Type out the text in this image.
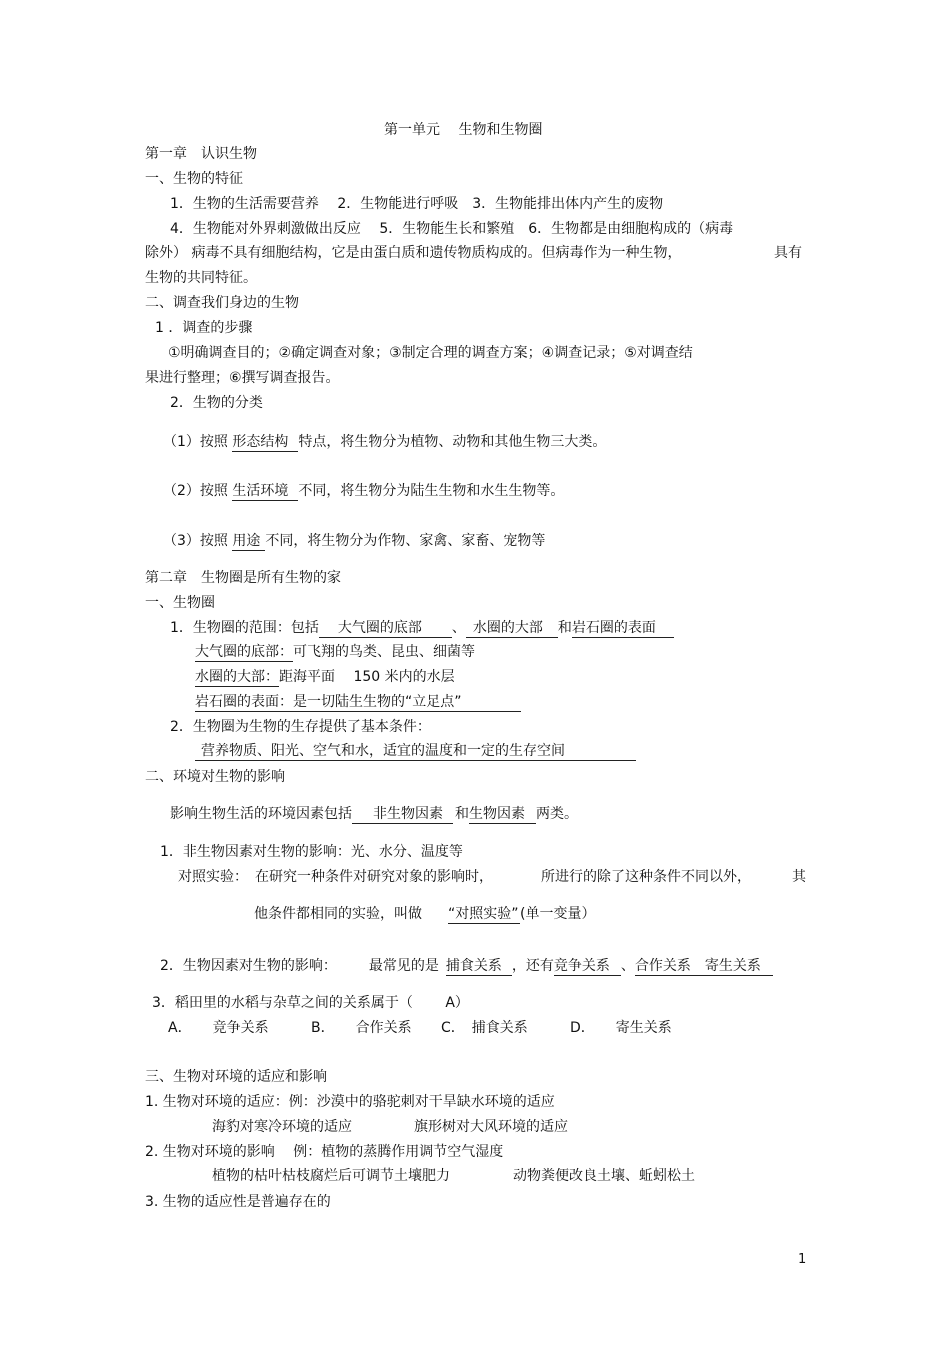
第一单元　 生物和生物圈
第一章　认识生物
一、生物的特征
1．生物的生活需要营养　 2．生物能进行呼吸　3．生物能排出体内产生的废物
4．生物能对外界刺激做出反应　 5．生物能生长和繁殖　6．生物都是由细胞构成的（病毒
除外） 病毒不具有细胞结构，它是由蛋白质和遗传物质构成的。但病毒作为一种生物，	具有
生物的共同特征。
二、调查我们身边的生物
1 ．调查的步骤
①明确调查目的；②确定调查对象；③制定合理的调查方案；④调查记录；⑤对调查结
果进行整理；⑥撰写调查报告。
2．生物的分类
（1）按照 形态结构 特点，将生物分为植物、动物和其他生物三大类。
（2）按照 生活环境 不同，将生物分为陆生生物和水生生物等。
（3）按照 用途 不同，将生物分为作物、家禽、家畜、宠物等
第二章　生物圈是所有生物的家
一、生物圈
1．生物圈的范围：包括 大气圈的底部 、 水圈的大部 和岩石圈的表面
大气圈的底部：可飞翔的鸟类、昆虫、细菌等
水圈的大部：距海平面　 150 米内的水层
岩石圈的表面：是一切陆生生物的“立足点”
2．生物圈为生物的生存提供了基本条件：
营养物质、阳光、空气和水，适宜的温度和一定的生存空间
二、环境对生物的影响
影响生物生活的环境因素包括 非生物因素 和生物因素 两类。
1．非生物因素对生物的影响：光、水分、温度等
对照实验：　在研究一种条件对研究对象的影响时，	所进行的除了这种条件不同以外，	其
他条件都相同的实验，叫做 “对照实验”(单一变量）
2．生物因素对生物的影响： 最常见的是 捕食关系 ，还有竞争关系 、合作关系　寄生关系
3．稻田里的水稻与杂草之间的关系属于（　　 A）
A．　　竞争关系	B．　　合作关系 C．　捕食关系	D．　　寄生关系
三、生物对环境的适应和影响
1. 生物对环境的适应：例：沙漠中的骆驼刺对干旱缺水环境的适应
海豹对寒冷环境的适应	旗形树对大风环境的适应
2. 生物对环境的影响　 例：植物的蒸腾作用调节空气湿度
植物的枯叶枯枝腐烂后可调节土壤肥力	动物粪便改良土壤、蚯蚓松土
3. 生物的适应性是普遍存在的
1
